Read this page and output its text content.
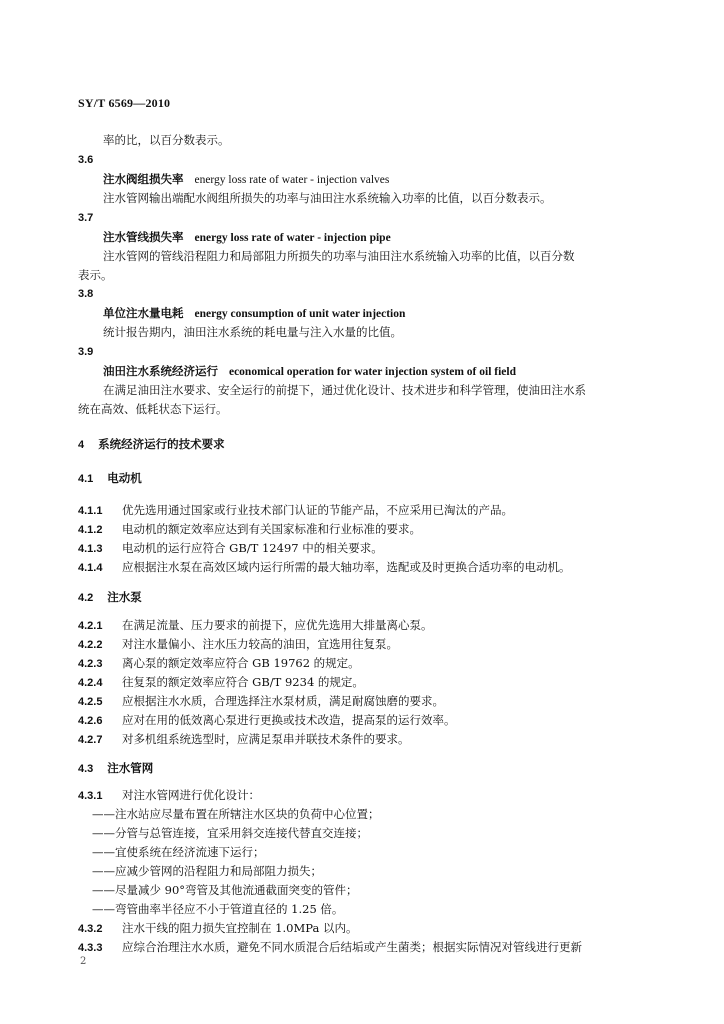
SY/T 6569—2010
率的比，以百分数表示。
3.6
注水阀组损失率 energy loss rate of water - injection valves
注水管网输出端配水阀组所损失的功率与油田注水系统输入功率的比值，以百分数表示。
3.7
注水管线损失率 energy loss rate of water - injection pipe
注水管网的管线沿程阻力和局部阻力所损失的功率与油田注水系统输入功率的比值，以百分数
表示。
3.8
单位注水量电耗 energy consumption of unit water injection
统计报告期内，油田注水系统的耗电量与注入水量的比值。
3.9
油田注水系统经济运行 economical operation for water injection system of oil field
在满足油田注水要求、安全运行的前提下，通过优化设计、技术进步和科学管理，使油田注水系
统在高效、低耗状态下运行。
4 系统经济运行的技术要求
4.1 电动机
4.1.1 优先选用通过国家或行业技术部门认证的节能产品，不应采用已淘汰的产品。
4.1.2 电动机的额定效率应达到有关国家标准和行业标准的要求。
4.1.3 电动机的运行应符合 GB/T 12497 中的相关要求。
4.1.4 应根据注水泵在高效区域内运行所需的最大轴功率，选配或及时更换合适功率的电动机。
4.2 注水泵
4.2.1 在满足流量、压力要求的前提下，应优先选用大排量离心泵。
4.2.2 对注水量偏小、注水压力较高的油田，宜选用往复泵。
4.2.3 离心泵的额定效率应符合 GB 19762 的规定。
4.2.4 往复泵的额定效率应符合 GB/T 9234 的规定。
4.2.5 应根据注水水质，合理选择注水泵材质，满足耐腐蚀磨的要求。
4.2.6 应对在用的低效离心泵进行更换或技术改造，提高泵的运行效率。
4.2.7 对多机组系统选型时，应满足泵串并联技术条件的要求。
4.3 注水管网
4.3.1 对注水管网进行优化设计：
——注水站应尽量布置在所辖注水区块的负荷中心位置；
——分管与总管连接，宜采用斜交连接代替直交连接；
——宜使系统在经济流速下运行；
——应减少管网的沿程阻力和局部阻力损失；
——尽量减少 90°弯管及其他流通截面突变的管件；
——弯管曲率半径应不小于管道直径的 1.25 倍。
4.3.2 注水干线的阻力损失宜控制在 1.0MPa 以内。
4.3.3 应综合治理注水水质，避免不同水质混合后结垢或产生菌类；根据实际情况对管线进行更新
2
